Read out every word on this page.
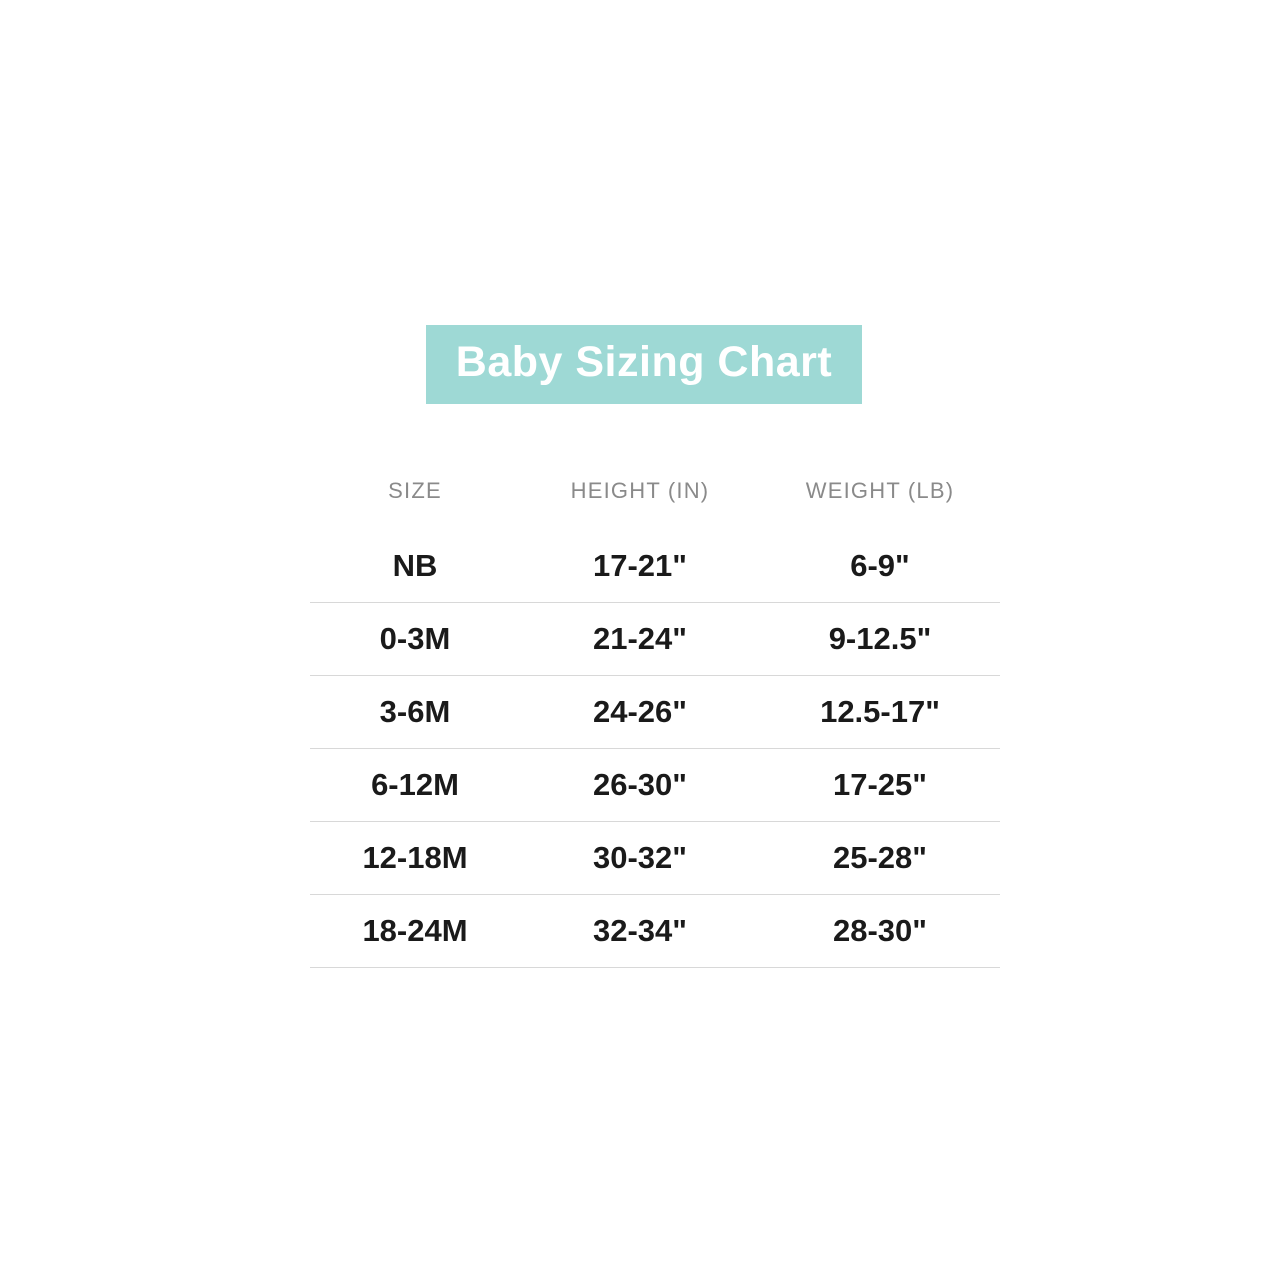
Baby Sizing Chart
SIZE	HEIGHT (IN)	WEIGHT (LB)
NB	17-21"	6-9"
0-3M	21-24"	9-12.5"
3-6M	24-26"	12.5-17"
6-12M	26-30"	17-25"
12-18M	30-32"	25-28"
18-24M	32-34"	28-30"
